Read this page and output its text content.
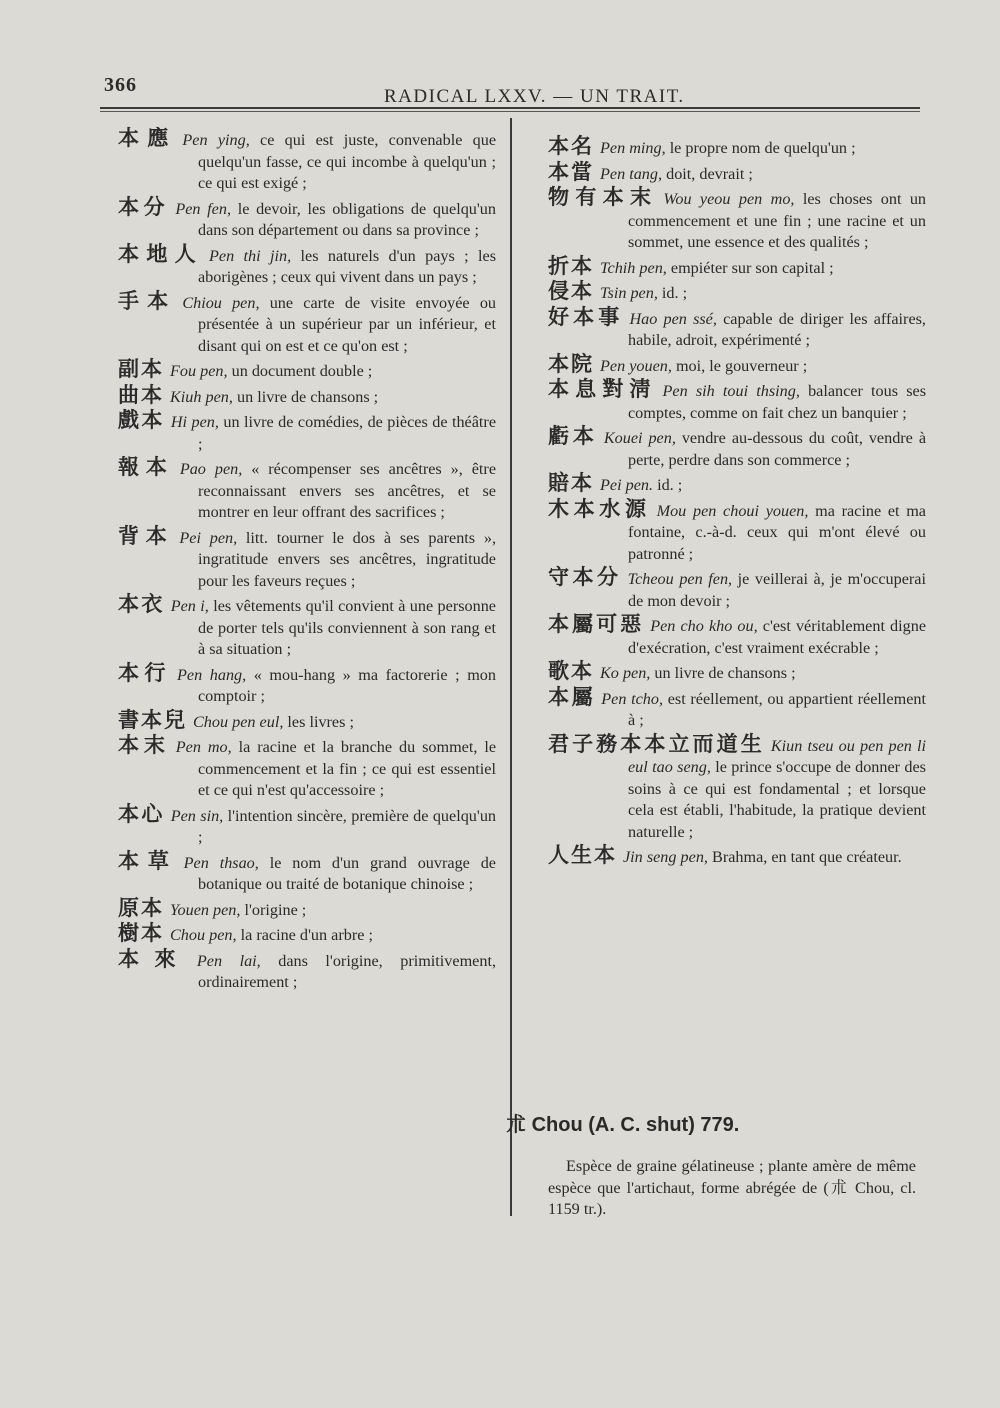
366
RADICAL LXXV. — UN TRAIT.
本應 Pen ying, ce qui est juste, convenable que quelqu'un fasse, ce qui incombe à quelqu'un ; ce qui est exigé ;
本分 Pen fen, le devoir, les obligations de quelqu'un dans son département ou dans sa province ;
本地人 Pen thi jin, les naturels d'un pays ; les aborigènes ; ceux qui vivent dans un pays ;
手本 Chiou pen, une carte de visite envoyée ou présentée à un supérieur par un inférieur, et disant qui on est et ce qu'on est ;
副本 Fou pen, un document double ;
曲本 Kiuh pen, un livre de chansons ;
戲本 Hi pen, un livre de comédies, de pièces de théâtre ;
報本 Pao pen, « récompenser ses ancêtres », être reconnaissant envers ses ancêtres, et se montrer en leur offrant des sacrifices ;
背本 Pei pen, litt. tourner le dos à ses parents », ingratitude envers ses ancêtres, ingratitude pour les faveurs reçues ;
本衣 Pen i, les vêtements qu'il convient à une personne de porter tels qu'ils conviennent à son rang et à sa situation ;
本行 Pen hang, « mou-hang » ma factorerie ; mon comptoir ;
書本兒 Chou pen eul, les livres ;
本末 Pen mo, la racine et la branche du sommet, le commencement et la fin ; ce qui est essentiel et ce qui n'est qu'accessoire ;
本心 Pen sin, l'intention sincère, première de quelqu'un ;
本草 Pen thsao, le nom d'un grand ouvrage de botanique ou traité de botanique chinoise ;
原本 Youen pen, l'origine ;
樹本 Chou pen, la racine d'un arbre ;
本來 Pen lai, dans l'origine, primitivement, ordinairement ;
本名 Pen ming, le propre nom de quelqu'un ;
本當 Pen tang, doit, devrait ;
物有本末 Wou yeou pen mo, les choses ont un commencement et une fin ; une racine et un sommet, une essence et des qualités ;
折本 Tchih pen, empiéter sur son capital ;
侵本 Tsin pen, id. ;
好本事 Hao pen ssé, capable de diriger les affaires, habile, adroit, expérimenté ;
本院 Pen youen, moi, le gouverneur ;
本息對淸 Pen sih toui thsing, balancer tous ses comptes, comme on fait chez un banquier ;
虧本 Kouei pen, vendre au-dessous du coût, vendre à perte, perdre dans son commerce ;
賠本 Pei pen. id. ;
木本水源 Mou pen choui youen, ma racine et ma fontaine, c.-à-d. ceux qui m'ont élevé ou patronné ;
守本分 Tcheou pen fen, je veillerai à, je m'occuperai de mon devoir ;
本屬可惡 Pen cho kho ou, c'est véritablement digne d'exécration, c'est vraiment exécrable ;
歌本 Ko pen, un livre de chansons ;
本屬 Pen tcho, est réellement, ou appartient réellement à ;
君子務本本立而道生 Kiun tseu ou pen pen li eul tao seng, le prince s'occupe de donner des soins à ce qui est fondamental ; et lorsque cela est établi, l'habitude, la pratique devient naturelle ;
人生本 Jin seng pen, Brahma, en tant que créateur.
朮 Chou (A. C. shut) 779.
Espèce de graine gélatineuse ; plante amère de même espèce que l'artichaut, forme abrégée de (朮 Chou, cl. 1159 tr.).
